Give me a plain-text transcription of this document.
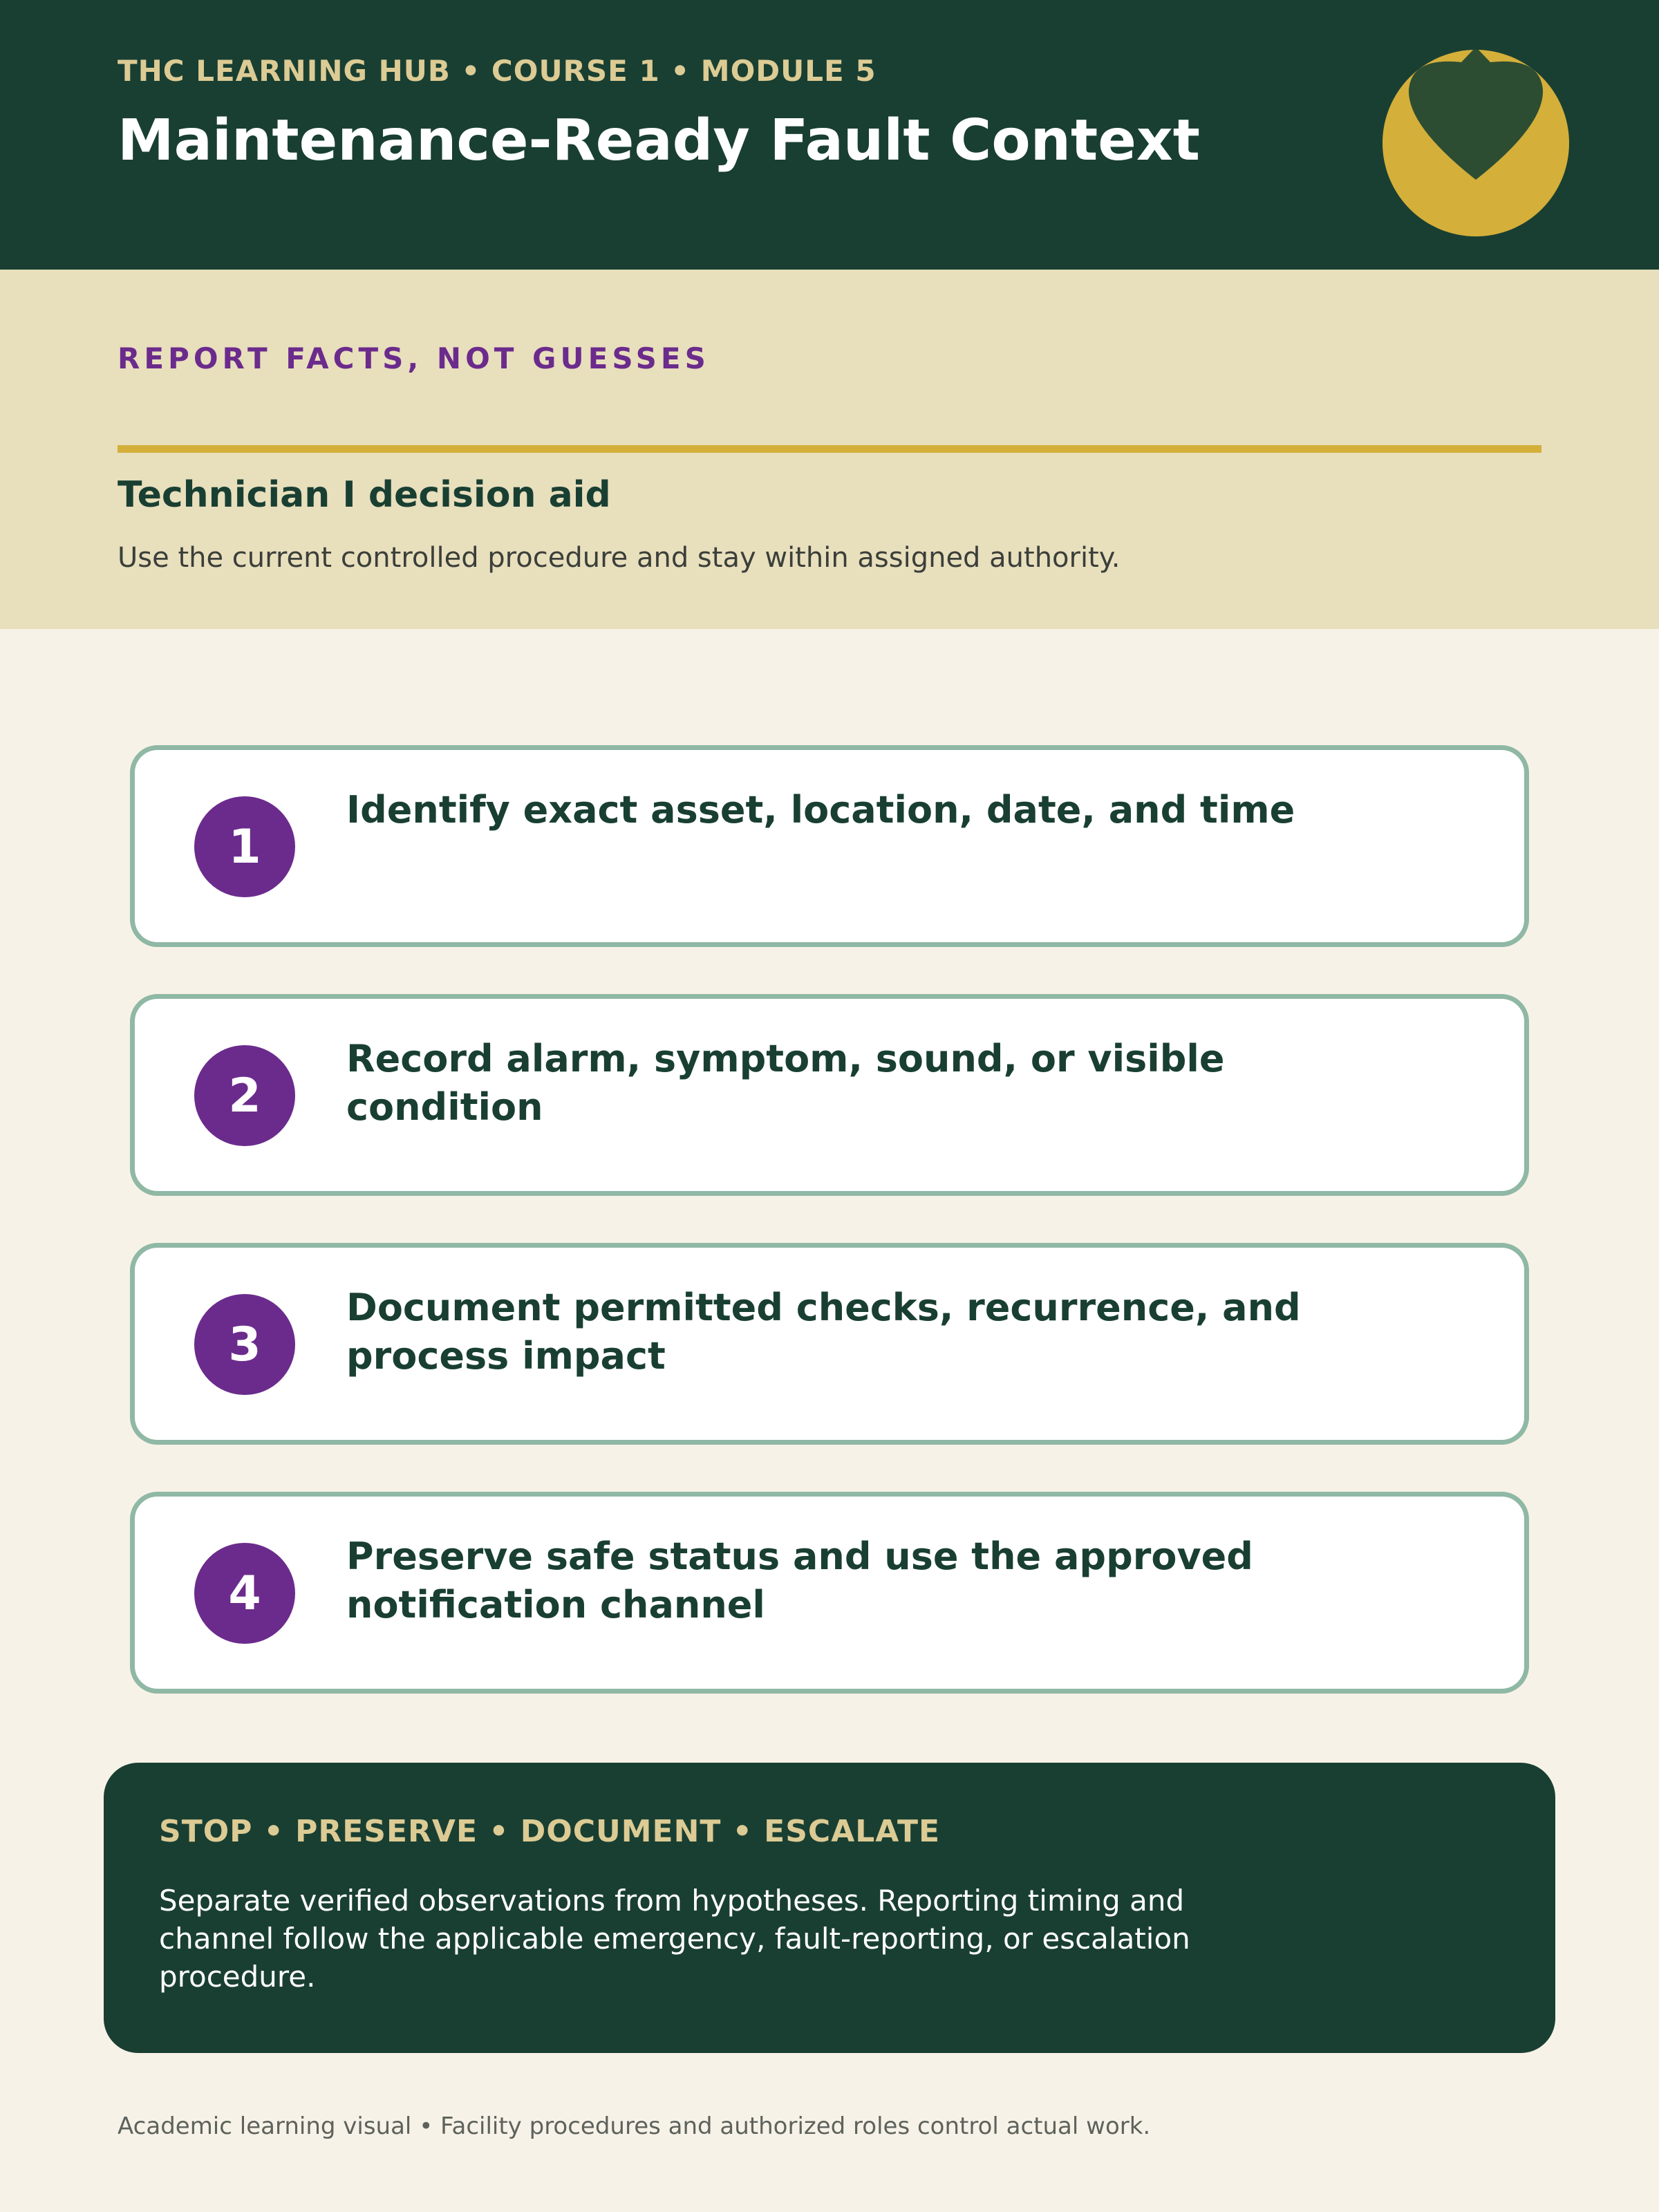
THC LEARNING HUB • COURSE 1 • MODULE 5
Maintenance-Ready Fault Context
REPORT FACTS, NOT GUESSES
Technician I decision aid
Use the current controlled procedure and stay within assigned authority.
1
Identify exact asset, location, date, and time
2
Record alarm, symptom, sound, or visible condition
3
Document permitted checks, recurrence, and process impact
4
Preserve safe status and use the approved notification channel
STOP • PRESERVE • DOCUMENT • ESCALATE
Separate verified observations from hypotheses. Reporting timing and channel follow the applicable emergency, fault-reporting, or escalation procedure.
Academic learning visual • Facility procedures and authorized roles control actual work.
